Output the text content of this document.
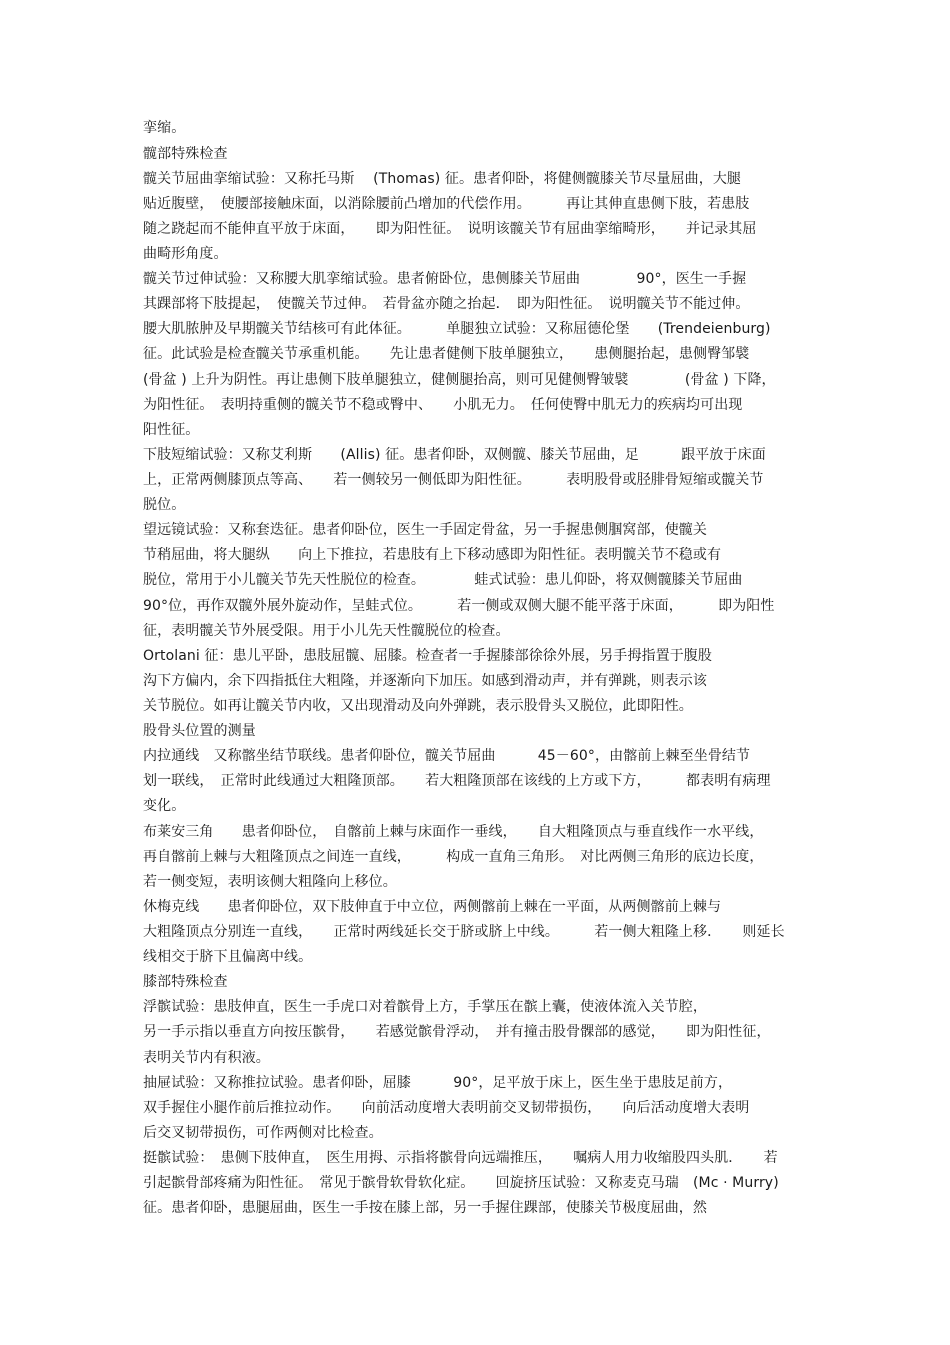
挛缩。
髋部特殊检查
髋关节屈曲挛缩试验：又称托马斯　 (Thomas) 征。患者仰卧，将健侧髋膝关节尽量屈曲，大腿
贴近腹壁，　使腰部接触床面，以消除腰前凸增加的代偿作用。　　　再让其伸直患侧下肢，若患肢
随之跷起而不能伸直平放于床面，　　即为阳性征。　说明该髋关节有屈曲挛缩畸形，　　并记录其屈
曲畸形角度。
髋关节过伸试验：又称腰大肌挛缩试验。患者俯卧位，患侧膝关节屈曲　　　　90°，医生一手握
其踝部将下肢提起，　使髋关节过伸。　若骨盆亦随之抬起．　即为阳性征。　说明髋关节不能过伸。
腰大肌脓肿及早期髋关节结核可有此体征。　　　单腿独立试验：又称屈德伦堡　　(Trendeienburg)
征。此试验是检查髋关节承重机能。　　先让患者健侧下肢单腿独立，　　患侧腿抬起，患侧臀邹襞
(骨盆 ) 上升为阴性。再让患侧下肢单腿独立，健侧腿抬高，则可见健侧臀皱襞　　　　(骨盆 ) 下降，
为阳性征。　表明持重侧的髋关节不稳或臀中、　　小肌无力。　任何使臀中肌无力的疾病均可出现
阳性征。
下肢短缩试验：又称艾利斯　　(Allis) 征。患者仰卧，双侧髋、膝关节屈曲，足　　　跟平放于床面
上，正常两侧膝顶点等高、　　若一侧较另一侧低即为阳性征。　　　表明股骨或胫腓骨短缩或髋关节
脱位。
望远镜试验：又称套迭征。患者仰卧位，医生一手固定骨盆，另一手握患侧腘窝部，使髋关
节稍屈曲，将大腿纵　　向上下推拉，若患肢有上下移动感即为阳性征。表明髋关节不稳或有
脱位，常用于小儿髋关节先天性脱位的检查。　　　　蛙式试验：患儿仰卧，将双侧髋膝关节屈曲
90°位，再作双髋外展外旋动作，呈蛙式位。　　　若一侧或双侧大腿不能平落于床面，　　　即为阳性
征，表明髋关节外展受限。用于小儿先天性髋脱位的检查。
Ortolani 征：患儿平卧，患肢屈髋、屈膝。检查者一手握膝部徐徐外展，另手拇指置于腹股
沟下方偏内，余下四指抵住大粗隆，并逐渐向下加压。如感到滑动声，并有弹跳，则表示该
关节脱位。如再让髋关节内收，又出现滑动及向外弹跳，表示股骨头又脱位，此即阳性。
股骨头位置的测量
内拉通线　又称髂坐结节联线。患者仰卧位，髋关节屈曲　　　45－60°，由髂前上棘至坐骨结节
划一联线，　正常时此线通过大粗隆顶部。　　若大粗隆顶部在该线的上方或下方，　　　都表明有病理
变化。
布莱安三角　　患者仰卧位，　自髂前上棘与床面作一垂线，　　自大粗隆顶点与垂直线作一水平线，
再自髂前上棘与大粗隆顶点之间连一直线，　　　构成一直角三角形。　对比两侧三角形的底边长度，
若一侧变短，表明该侧大粗隆向上移位。
休梅克线　　患者仰卧位，双下肢伸直于中立位，两侧髂前上棘在一平面，从两侧髂前上棘与
大粗隆顶点分别连一直线，　　正常时两线延长交于脐或脐上中线。　　　若一侧大粗隆上移．　　则延长
线相交于脐下且偏离中线。
膝部特殊检查
浮髌试验：患肢伸直，医生一手虎口对着髌骨上方，手掌压在髌上囊，使液体流入关节腔，
另一手示指以垂直方向按压髌骨，　　若感觉髌骨浮动，　并有撞击股骨髁部的感觉，　　即为阳性征，
表明关节内有积液。
抽屉试验：又称推拉试验。患者仰卧，屈膝　　　90°，足平放于床上，医生坐于患肢足前方，
双手握住小腿作前后推拉动作。　　向前活动度增大表明前交叉韧带损伤，　　向后活动度增大表明
后交叉韧带损伤，可作两侧对比检查。
挺髌试验：　患侧下肢伸直，　医生用拇、示指将髌骨向远端推压，　　嘱病人用力收缩股四头肌．　　若
引起髌骨部疼痛为阳性征。　常见于髌骨软骨软化症。　　回旋挤压试验：又称麦克马瑞　(Mc · Murry)
征。患者仰卧，患腿屈曲，医生一手按在膝上部，另一手握住踝部，使膝关节极度屈曲，然
